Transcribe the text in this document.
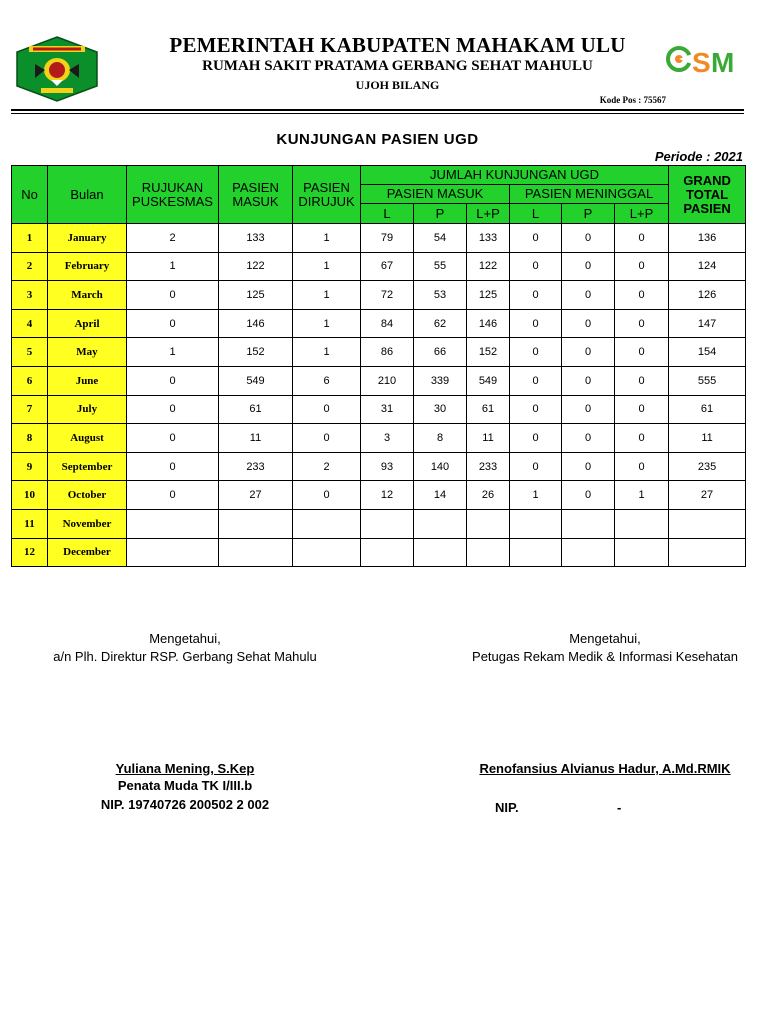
S M
PEMERINTAH KABUPATEN MAHAKAM ULU
RUMAH SAKIT PRATAMA GERBANG SEHAT MAHULU
UJOH BILANG
Kode Pos : 75567
KUNJUNGAN PASIEN UGD
Periode : 2021
No	Bulan	RUJUKAN PUSKESMAS	PASIEN MASUK	PASIEN DIRUJUK	JUMLAH KUNJUNGAN UGD						GRAND TOTAL PASIEN
					PASIEN MASUK			PASIEN MENINGGAL			
					L	P	L+P	L	P	L+P	
1	January	2	133	1	79	54	133	0	0	0	136
2	February	1	122	1	67	55	122	0	0	0	124
3	March	0	125	1	72	53	125	0	0	0	126
4	April	0	146	1	84	62	146	0	0	0	147
5	May	1	152	1	86	66	152	0	0	0	154
6	June	0	549	6	210	339	549	0	0	0	555
7	July	0	61	0	31	30	61	0	0	0	61
8	August	0	11	0	3	8	11	0	0	0	11
9	September	0	233	2	93	140	233	0	0	0	235
10	October	0	27	0	12	14	26	1	0	1	27
11	November										
12	December										
Mengetahui,
a/n Plh. Direktur RSP. Gerbang Sehat Mahulu
Yuliana Mening, S.Kep
Penata Muda TK I/III.b
NIP. 19740726 200502 2 002
Mengetahui,
Petugas Rekam Medik & Informasi Kesehatan
Renofansius Alvianus Hadur, A.Md.RMIK
NIP.	-
